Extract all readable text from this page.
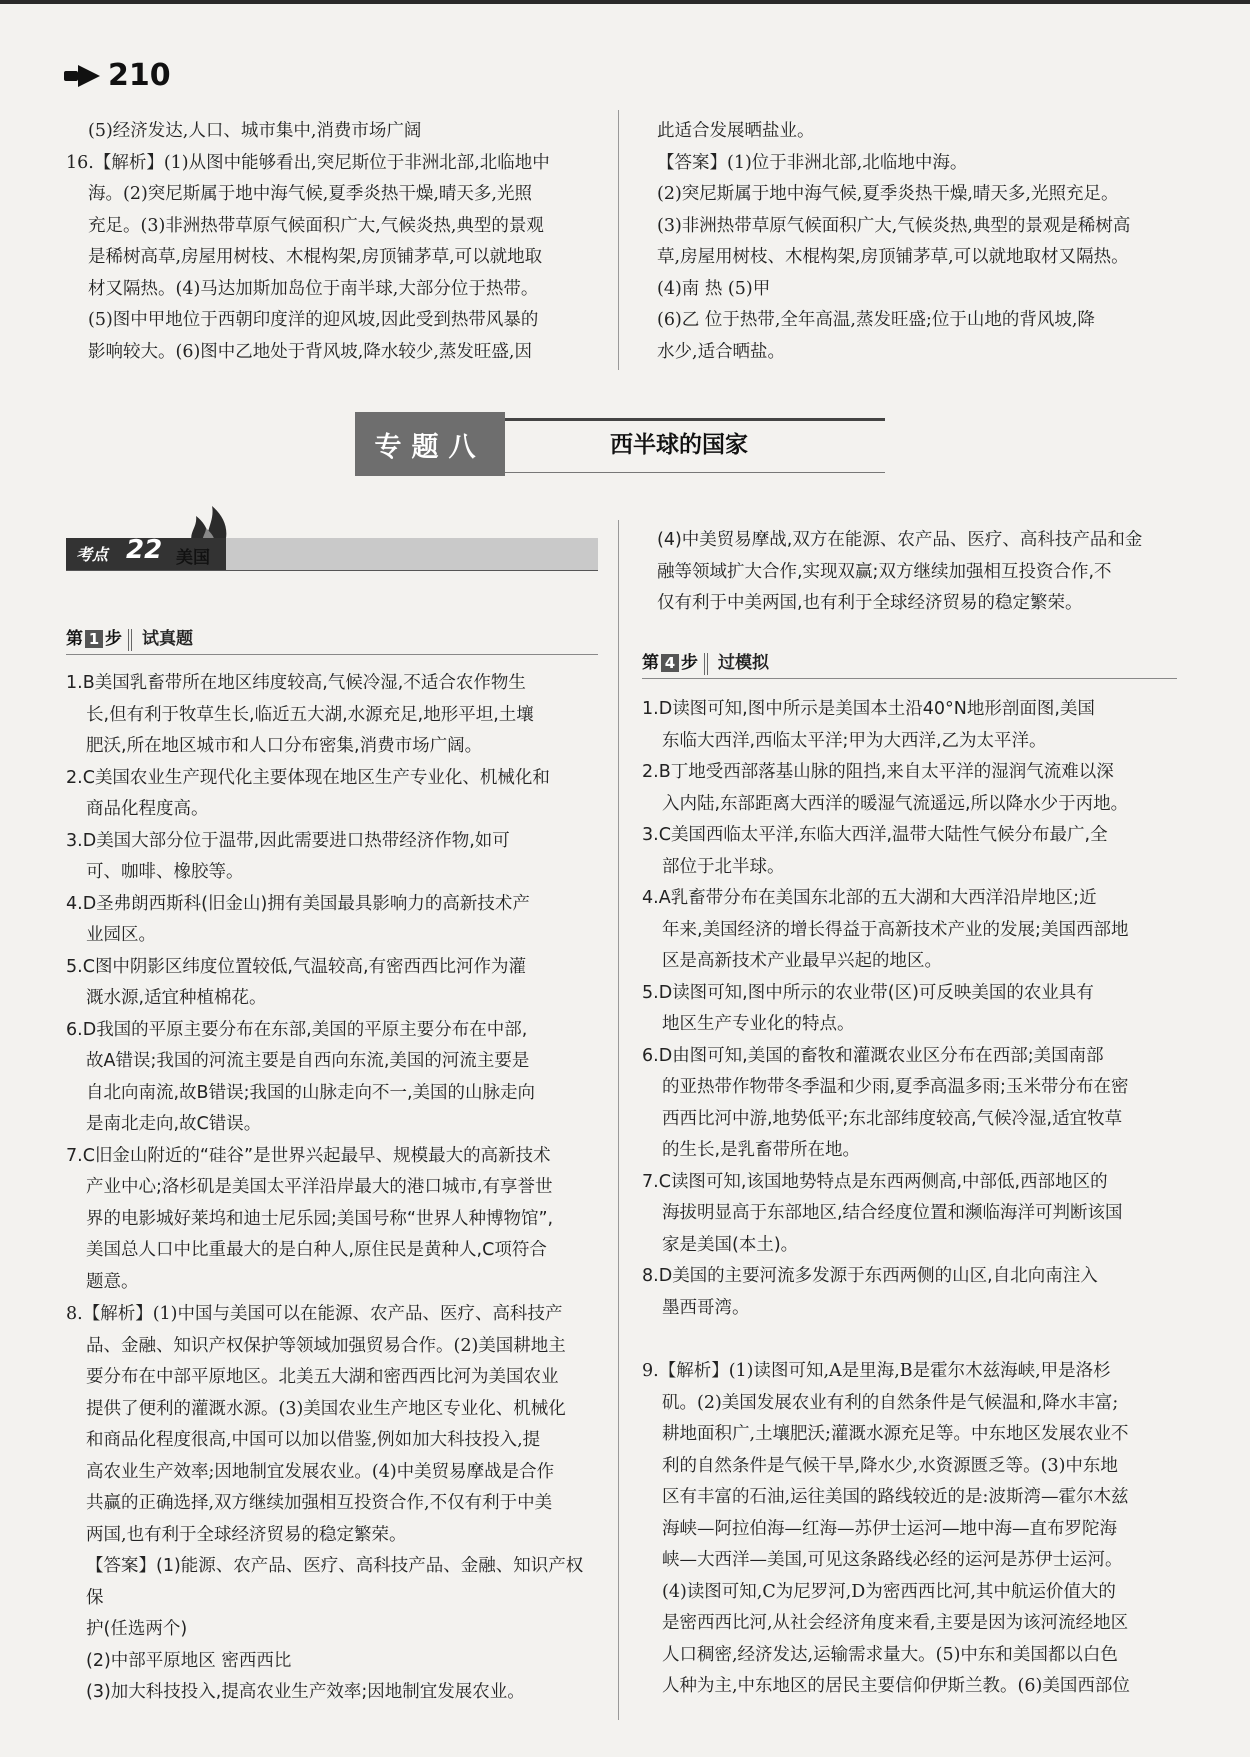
210

(5)经济发达,人口、城市集中,消费市场广阔

16.【解析】(1)从图中能够看出,突尼斯位于非洲北部,北临地中

海。(2)突尼斯属于地中海气候,夏季炎热干燥,晴天多,光照

充足。(3)非洲热带草原气候面积广大,气候炎热,典型的景观

是稀树高草,房屋用树枝、木棍构架,房顶铺茅草,可以就地取

材又隔热。(4)马达加斯加岛位于南半球,大部分位于热带。

(5)图中甲地位于西朝印度洋的迎风坡,因此受到热带风暴的

影响较大。(6)图中乙地处于背风坡,降水较少,蒸发旺盛,因

此适合发展晒盐业。

【答案】(1)位于非洲北部,北临地中海。

(2)突尼斯属于地中海气候,夏季炎热干燥,晴天多,光照充足。

(3)非洲热带草原气候面积广大,气候炎热,典型的景观是稀树高

草,房屋用树枝、木棍构架,房顶铺茅草,可以就地取材又隔热。

(4)南 热 (5)甲

(6)乙 位于热带,全年高温,蒸发旺盛;位于山地的背风坡,降

水少,适合晒盐。

专题八	西半球的国家
考点 22 美国
第 1 步 试真题

1.B美国乳畜带所在地区纬度较高,气候冷湿,不适合农作物生

长,但有利于牧草生长,临近五大湖,水源充足,地形平坦,土壤

肥沃,所在地区城市和人口分布密集,消费市场广阔。

2.C美国农业生产现代化主要体现在地区生产专业化、机械化和

商品化程度高。

3.D美国大部分位于温带,因此需要进口热带经济作物,如可

可、咖啡、橡胶等。

4.D圣弗朗西斯科(旧金山)拥有美国最具影响力的高新技术产

业园区。

5.C图中阴影区纬度位置较低,气温较高,有密西西比河作为灌

溉水源,适宜种植棉花。

6.D我国的平原主要分布在东部,美国的平原主要分布在中部,

故A错误;我国的河流主要是自西向东流,美国的河流主要是

自北向南流,故B错误;我国的山脉走向不一,美国的山脉走向

是南北走向,故C错误。

7.C旧金山附近的“硅谷”是世界兴起最早、规模最大的高新技术

产业中心;洛杉矶是美国太平洋沿岸最大的港口城市,有享誉世

界的电影城好莱坞和迪士尼乐园;美国号称“世界人种博物馆”,

美国总人口中比重最大的是白种人,原住民是黄种人,C项符合

题意。

8.【解析】(1)中国与美国可以在能源、农产品、医疗、高科技产

品、金融、知识产权保护等领域加强贸易合作。(2)美国耕地主

要分布在中部平原地区。北美五大湖和密西西比河为美国农业

提供了便利的灌溉水源。(3)美国农业生产地区专业化、机械化

和商品化程度很高,中国可以加以借鉴,例如加大科技投入,提

高农业生产效率;因地制宜发展农业。(4)中美贸易摩战是合作

共赢的正确选择,双方继续加强相互投资合作,不仅有利于中美

两国,也有利于全球经济贸易的稳定繁荣。

【答案】(1)能源、农产品、医疗、高科技产品、金融、知识产权保

护(任选两个)

(2)中部平原地区 密西西比

(3)加大科技投入,提高农业生产效率;因地制宜发展农业。

(4)中美贸易摩战,双方在能源、农产品、医疗、高科技产品和金

融等领域扩大合作,实现双赢;双方继续加强相互投资合作,不

仅有利于中美两国,也有利于全球经济贸易的稳定繁荣。

第 4 步 过模拟

1.D读图可知,图中所示是美国本土沿40°N地形剖面图,美国

东临大西洋,西临太平洋;甲为大西洋,乙为太平洋。

2.B丁地受西部落基山脉的阻挡,来自太平洋的湿润气流难以深

入内陆,东部距离大西洋的暖湿气流遥远,所以降水少于丙地。

3.C美国西临太平洋,东临大西洋,温带大陆性气候分布最广,全

部位于北半球。

4.A乳畜带分布在美国东北部的五大湖和大西洋沿岸地区;近

年来,美国经济的增长得益于高新技术产业的发展;美国西部地

区是高新技术产业最早兴起的地区。

5.D读图可知,图中所示的农业带(区)可反映美国的农业具有

地区生产专业化的特点。

6.D由图可知,美国的畜牧和灌溉农业区分布在西部;美国南部

的亚热带作物带冬季温和少雨,夏季高温多雨;玉米带分布在密

西西比河中游,地势低平;东北部纬度较高,气候冷湿,适宜牧草

的生长,是乳畜带所在地。

7.C读图可知,该国地势特点是东西两侧高,中部低,西部地区的

海拔明显高于东部地区,结合经度位置和濒临海洋可判断该国

家是美国(本土)。

8.D美国的主要河流多发源于东西两侧的山区,自北向南注入

墨西哥湾。

9.【解析】(1)读图可知,A是里海,B是霍尔木兹海峡,甲是洛杉

矶。(2)美国发展农业有利的自然条件是气候温和,降水丰富;

耕地面积广,土壤肥沃;灌溉水源充足等。中东地区发展农业不

利的自然条件是气候干旱,降水少,水资源匮乏等。(3)中东地

区有丰富的石油,运往美国的路线较近的是:波斯湾—霍尔木兹

海峡—阿拉伯海—红海—苏伊士运河—地中海—直布罗陀海

峡—大西洋—美国,可见这条路线必经的运河是苏伊士运河。

(4)读图可知,C为尼罗河,D为密西西比河,其中航运价值大的

是密西西比河,从社会经济角度来看,主要是因为该河流经地区

人口稠密,经济发达,运输需求量大。(5)中东和美国都以白色

人种为主,中东地区的居民主要信仰伊斯兰教。(6)美国西部位
